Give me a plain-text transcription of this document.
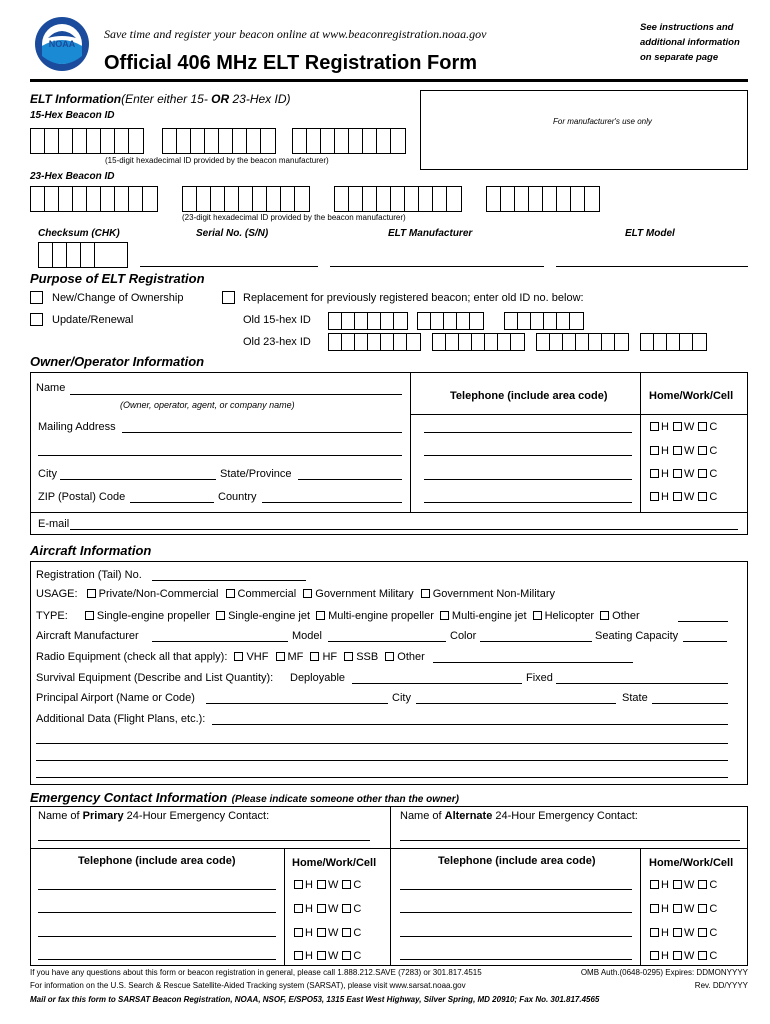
NOAA
Save time and register your beacon online at www.beaconregistration.noaa.gov
Official 406 MHz ELT Registration Form
See instructions and additional information on separate page
ELT Information(Enter either 15- OR 23-Hex ID)
15-Hex Beacon ID
For manufacturer's use only
(15-digit hexadecimal ID provided by the beacon manufacturer)
23-Hex Beacon ID
(23-digit hexadecimal ID provided by the beacon manufacturer)
Checksum (CHK)	Serial No. (S/N)	ELT Manufacturer	ELT Model
Purpose of ELT Registration
New/Change of Ownership
Update/Renewal
Replacement for previously registered beacon; enter old ID no. below:
Old 15-hex ID
Old 23-hex ID
Owner/Operator Information
Name
(Owner, operator, agent, or company name)
Telephone (include area code)	Home/Work/Cell
Mailing Address
City	State/Province
ZIP (Postal) Code	Country
H W C
H W C
H W C
H W C
E-mail
Aircraft Information
Registration (Tail) No.
USAGE: Private/Non-Commercial Commercial Government Military Government Non-Military
TYPE:	Single-engine propeller Single-engine jet Multi-engine propeller Multi-engine jet Helicopter Other
Aircraft Manufacturer	Model	Color	Seating Capacity
Radio Equipment (check all that apply): VHF MF HF SSB Other
Survival Equipment (Describe and List Quantity): Deployable	Fixed
Principal Airport (Name or Code)	City	State
Additional Data (Flight Plans, etc.):
Emergency Contact Information (Please indicate someone other than the owner)
Name of Primary 24-Hour Emergency Contact:	Name of Alternate 24-Hour Emergency Contact:
Telephone (include area code)	Home/Work/Cell	Telephone (include area code)	Home/Work/Cell
H W C
H W C
H W C
H W C
H W C
H W C
H W C
H W C
If you have any questions about this form or beacon registration in general, please call 1.888.212.SAVE (7283) or 301.817.4515
For information on the U.S. Search & Rescue Satellite-Aided Tracking system (SARSAT), please visit www.sarsat.noaa.gov
OMB Auth.(0648-0295) Expires: DDMONYYYY
Rev. DD/YYYY
Mail or fax this form to SARSAT Beacon Registration, NOAA, NSOF, E/SPO53, 1315 East West Highway, Silver Spring, MD 20910; Fax No. 301.817.4565
